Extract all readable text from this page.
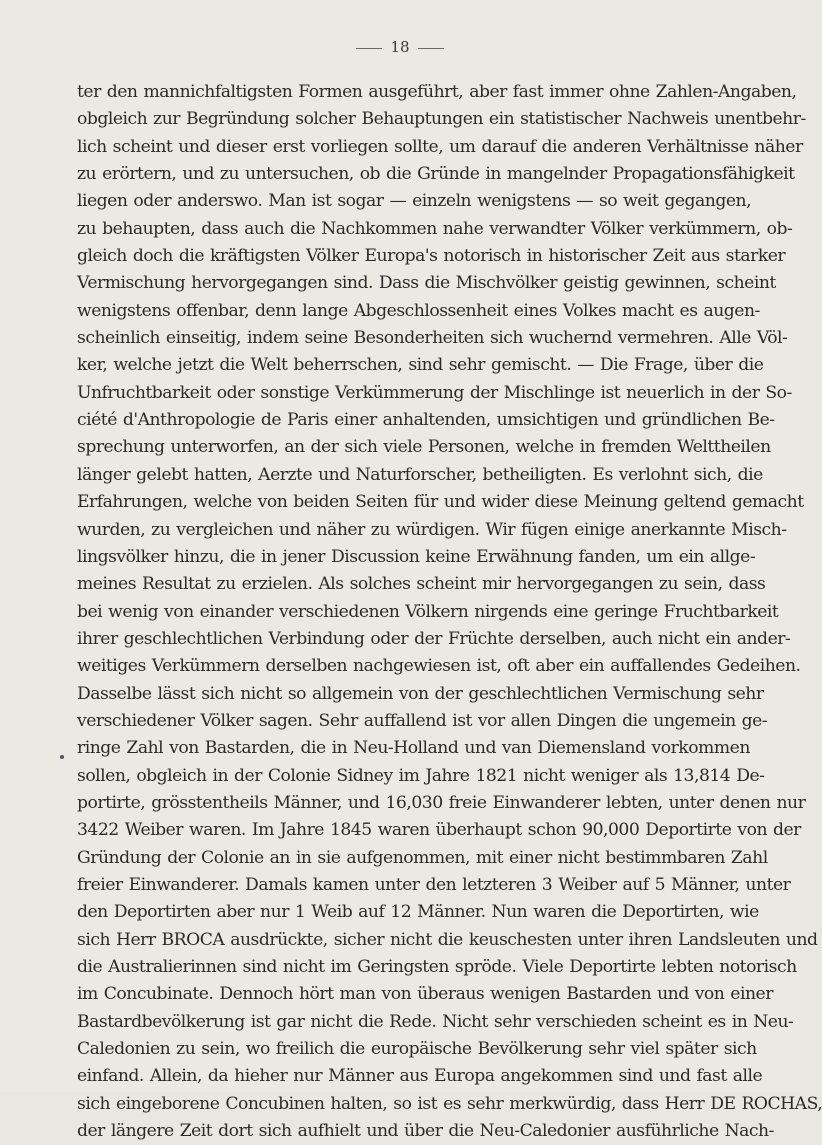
18
ter den mannichfaltigsten Formen ausgeführt, aber fast immer ohne Zahlen-Angaben,
obgleich zur Begründung solcher Behauptungen ein statistischer Nachweis unentbehr-
lich scheint und dieser erst vorliegen sollte, um darauf die anderen Verhältnisse näher
zu erörtern, und zu untersuchen, ob die Gründe in mangelnder Propagationsfähigkeit
liegen oder anderswo. Man ist sogar — einzeln wenigstens — so weit gegangen,
zu behaupten, dass auch die Nachkommen nahe verwandter Völker verkümmern, ob-
gleich doch die kräftigsten Völker Europa's notorisch in historischer Zeit aus starker
Vermischung hervorgegangen sind. Dass die Mischvölker geistig gewinnen, scheint
wenigstens offenbar, denn lange Abgeschlossenheit eines Volkes macht es augen-
scheinlich einseitig, indem seine Besonderheiten sich wuchernd vermehren. Alle Völ-
ker, welche jetzt die Welt beherrschen, sind sehr gemischt. — Die Frage, über die
Unfruchtbarkeit oder sonstige Verkümmerung der Mischlinge ist neuerlich in der So-
ciété d'Anthropologie de Paris einer anhaltenden, umsichtigen und gründlichen Be-
sprechung unterworfen, an der sich viele Personen, welche in fremden Welttheilen
länger gelebt hatten, Aerzte und Naturforscher, betheiligten. Es verlohnt sich, die
Erfahrungen, welche von beiden Seiten für und wider diese Meinung geltend gemacht
wurden, zu vergleichen und näher zu würdigen. Wir fügen einige anerkannte Misch-
lingsvölker hinzu, die in jener Discussion keine Erwähnung fanden, um ein allge-
meines Resultat zu erzielen. Als solches scheint mir hervorgegangen zu sein, dass
bei wenig von einander verschiedenen Völkern nirgends eine geringe Fruchtbarkeit
ihrer geschlechtlichen Verbindung oder der Früchte derselben, auch nicht ein ander-
weitiges Verkümmern derselben nachgewiesen ist, oft aber ein auffallendes Gedeihen.
Dasselbe lässt sich nicht so allgemein von der geschlechtlichen Vermischung sehr
verschiedener Völker sagen. Sehr auffallend ist vor allen Dingen die ungemein ge-
ringe Zahl von Bastarden, die in Neu-Holland und van Diemensland vorkommen
sollen, obgleich in der Colonie Sidney im Jahre 1821 nicht weniger als 13,814 De-
portirte, grösstentheils Männer, und 16,030 freie Einwanderer lebten, unter denen nur
3422 Weiber waren. Im Jahre 1845 waren überhaupt schon 90,000 Deportirte von der
Gründung der Colonie an in sie aufgenommen, mit einer nicht bestimmbaren Zahl
freier Einwanderer. Damals kamen unter den letzteren 3 Weiber auf 5 Männer, unter
den Deportirten aber nur 1 Weib auf 12 Männer. Nun waren die Deportirten, wie
sich Herr BROCA ausdrückte, sicher nicht die keuschesten unter ihren Landsleuten und
die Australierinnen sind nicht im Geringsten spröde. Viele Deportirte lebten notorisch
im Concubinate. Dennoch hört man von überaus wenigen Bastarden und von einer
Bastardbevölkerung ist gar nicht die Rede. Nicht sehr verschieden scheint es in Neu-
Caledonien zu sein, wo freilich die europäische Bevölkerung sehr viel später sich
einfand. Allein, da hieher nur Männer aus Europa angekommen sind und fast alle
sich eingeborene Concubinen halten, so ist es sehr merkwürdig, dass Herr DE ROCHAS,
der längere Zeit dort sich aufhielt und über die Neu-Caledonier ausführliche Nach-
